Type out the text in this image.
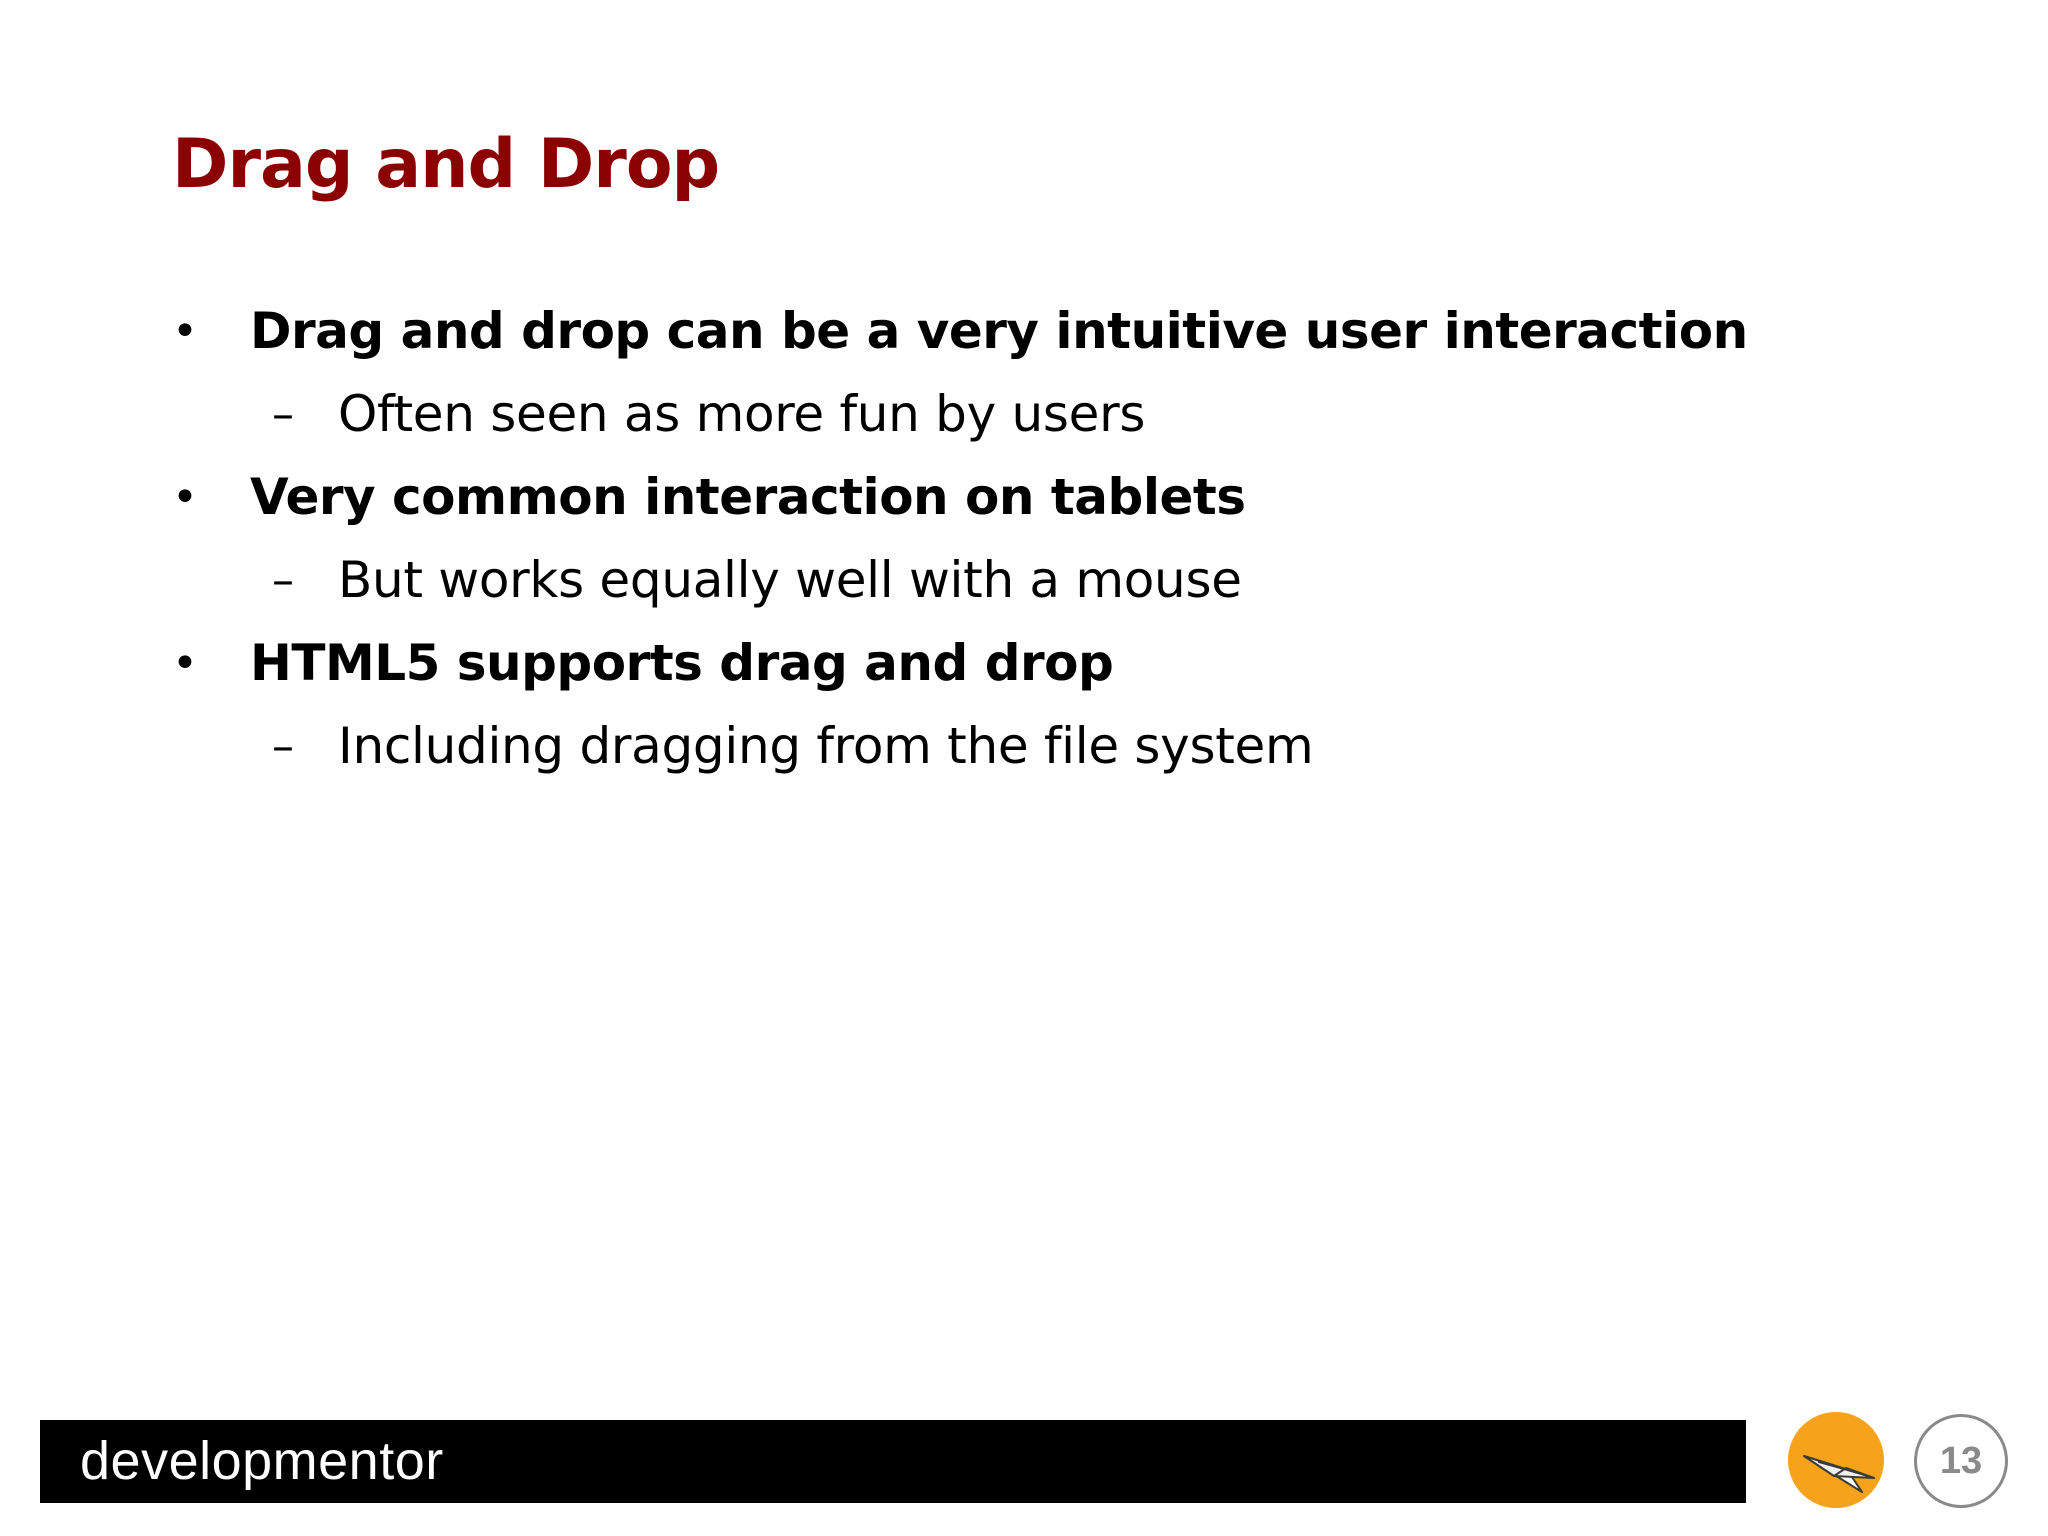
Drag and Drop
• Drag and drop can be a very intuitive user interaction
– Often seen as more fun by users
• Very common interaction on tablets
– But works equally well with a mouse
• HTML5 supports drag and drop
– Including dragging from the file system
developmentor	13
